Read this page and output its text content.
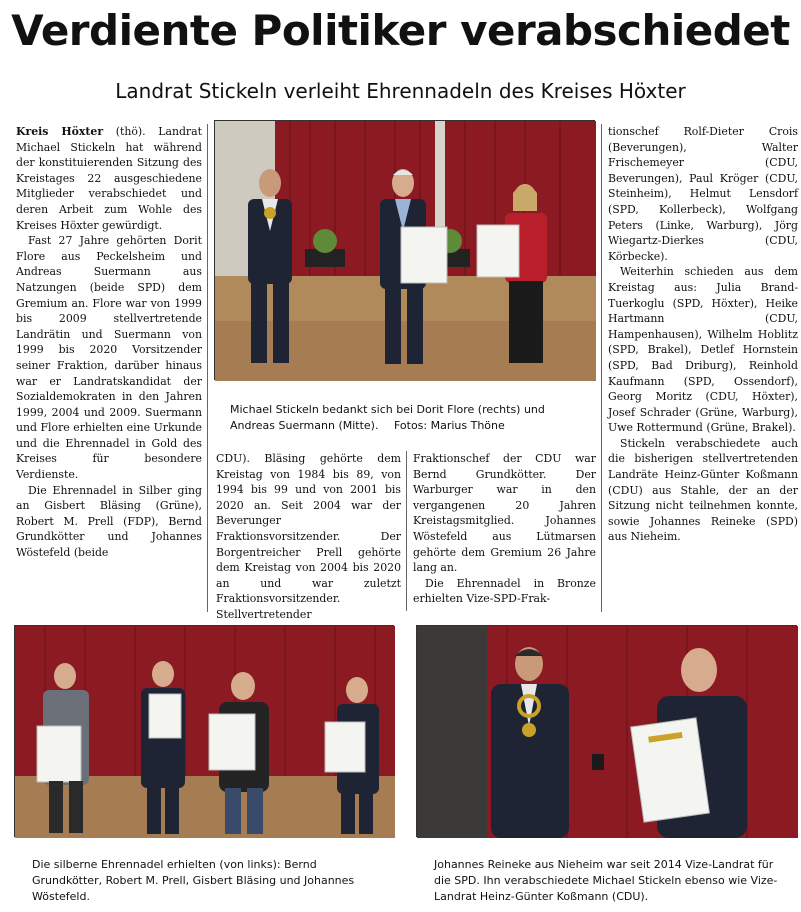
Verdiente Politiker verabschiedet
Landrat Stickeln verleiht Ehrennadeln des Kreises Höxter

Kreis Höxter (thö). Landrat Michael Stickeln hat während der konstituierenden Sitzung des Kreistages 22 ausgeschiedene Mitglieder verabschiedet und deren Arbeit zum Wohle des Kreises Höxter gewürdigt.

Fast 27 Jahre gehörten Dorit Flore aus Peckelsheim und Andreas Suermann aus Natzungen (beide SPD) dem Gremium an. Flore war von 1999 bis 2009 stellvertretende Landrätin und Suermann von 1999 bis 2020 Vorsitzender seiner Fraktion, darüber hinaus war er Landratskandidat der Sozialdemokraten in den Jahren 1999, 2004 und 2009. Suermann und Flore erhielten eine Urkunde und die Ehrennadel in Gold des Kreises für besondere Verdienste.

Die Ehrennadel in Silber ging an Gisbert Bläsing (Grüne), Robert M. Prell (FDP), Bernd Grundkötter und Johannes Wöstefeld (beide

Michael Stickeln bedankt sich bei Dorit Flore (rechts) und Andreas Suermann (Mitte). Fotos: Marius Thöne

CDU). Bläsing gehörte dem Kreistag von 1984 bis 89, von 1994 bis 99 und von 2001 bis 2020 an. Seit 2004 war der Beverunger Fraktionsvorsitzender. Der Borgentreicher Prell gehörte dem Kreistag von 2004 bis 2020 an und war zuletzt Fraktionsvorsitzender. Stellvertretender

Fraktionschef der CDU war Bernd Grundkötter. Der Warburger war in den vergangenen 20 Jahren Kreistagsmitglied. Johannes Wöstefeld aus Lütmarsen gehörte dem Gremium 26 Jahre lang an.

Die Ehrennadel in Bronze erhielten Vize-SPD-Frak-

tionschef Rolf-Dieter Crois (Beverungen), Walter Frischemeyer (CDU, Beverungen), Paul Kröger (CDU, Steinheim), Helmut Lensdorf (SPD, Kollerbeck), Wolfgang Peters (Linke, Warburg), Jörg Wiegartz-Dierkes (CDU, Körbecke).

Weiterhin schieden aus dem Kreistag aus: Julia Brand-Tuerkoglu (SPD, Höxter), Heike Hartmann (CDU, Hampenhausen), Wilhelm Hoblitz (SPD, Brakel), Detlef Hornstein (SPD, Bad Driburg), Reinhold Kaufmann (SPD, Ossendorf), Georg Moritz (CDU, Höxter), Josef Schrader (Grüne, Warburg), Uwe Rottermund (Grüne, Brakel).

Stickeln verabschiedete auch die bisherigen stellvertretenden Landräte Heinz-Günter Koßmann (CDU) aus Stahle, der an der Sitzung nicht teilnehmen konnte, sowie Johannes Reineke (SPD) aus Nieheim.

Die silberne Ehrennadel erhielten (von links): Bernd Grundkötter, Robert M. Prell, Gisbert Bläsing und Johannes Wöstefeld.
Johannes Reineke aus Nieheim war seit 2014 Vize-Landrat für die SPD. Ihn verabschiedete Michael Stickeln ebenso wie Vize-Landrat Heinz-Günter Koßmann (CDU).
